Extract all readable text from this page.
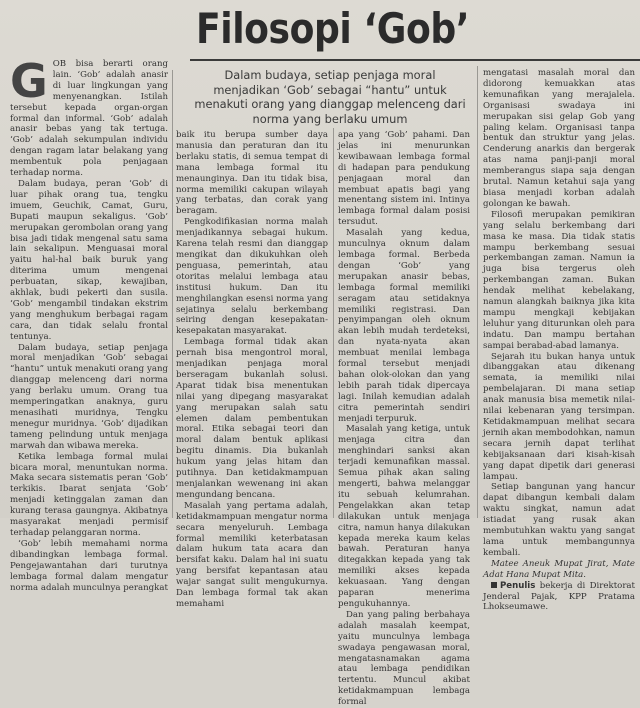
Filosopi ‘Gob’
Dalam budaya, setiap penjaga moral menjadikan ‘Gob’ sebagai “hantu” untuk menakuti orang yang dianggap melenceng dari norma yang berlaku umum

GOB bisa berarti orang lain. ‘Gob’ adalah anasir di luar lingkungan yang menyenangkan. Istilah tersebut kepada organ-organ formal dan informal. ‘Gob’ adalah anasir bebas yang tak tertuga. ‘Gob’ adalah sekumpulan individu dengan ragam latar belakang yang membentuk pola penjagaan terhadap norma.

Dalam budaya, peran ‘Gob’ di luar pihak orang tua, tengku imuem, Geuchik, Camat, Guru, Bupati maupun sekaligus. ‘Gob’ merupakan gerombolan orang yang bisa jadi tidak mengenal satu sama lain sekalipun. Menguasai moral yaitu hal-hal baik buruk yang diterima umum mengenai perbuatan, sikap, kewajiban, akhlak, budi pekerti dan susila. ‘Gob’ mengambil tindakan ekstrim yang menghukum berbagai ragam cara, dan tidak selalu frontal tentunya.

Dalam budaya, setiap penjaga moral menjadikan ‘Gob’ sebagai “hantu” untuk menakuti orang yang dianggap melenceng dari norma yang berlaku umum. Orang tua memperingatkan anaknya, guru menasihati muridnya, Tengku menegur muridnya. ‘Gob’ dijadikan tameng pelindung untuk menjaga marwah dan wibawa mereka.

Ketika lembaga formal mulai bicara moral, menuntukan norma. Maka secara sistematis peran ‘Gob’ terkikis. Ibarat senjata ‘Gob’ menjadi ketinggalan zaman dan kurang terasa gaungnya. Akibatnya masyarakat menjadi permisif terhadap pelanggaran norma.

‘Gob’ lebih memahami norma dibandingkan lembaga formal. Pengejawantahan dari turutnya lembaga formal dalam mengatur norma adalah munculnya perangkat

baik itu berupa sumber daya manusia dan peraturan dan itu berlaku statis, di semua tempat di mana lembaga formal itu menaunginya. Dan itu tidak bisa, norma memiliki cakupan wilayah yang terbatas, dan corak yang beragam.

Pengkodifikasian norma malah menjadikannya sebagai hukum. Karena telah resmi dan dianggap mengikat dan dikukuhkan oleh penguasa, pemerintah, atau otoritas melalui lembaga atau institusi hukum. Dan itu menghilangkan esensi norma yang sejatinya selalu berkembang seiring dengan kesepakatan-kesepakatan masyarakat.

Lembaga formal tidak akan pernah bisa mengontrol moral, menjadikan penjaga moral berseragam bukanlah solusi. Aparat tidak bisa menentukan nilai yang dipegang masyarakat yang merupakan salah satu elemen dalam pembentukan moral. Etika sebagai teori dan moral dalam bentuk aplikasi begitu dinamis. Dia bukanlah hukum yang jelas hitam dan putihnya. Dan ketidakmampuan menjalankan wewenang ini akan mengundang bencana.

Masalah yang pertama adalah, ketidakmampuan mengatur norma secara menyeluruh. Lembaga formal memiliki keterbatasan dalam hukum tata acara dan bersifat kaku. Dalam hal ini suatu yang bersifat kepantasan atau wajar sangat sulit mengukurnya. Dan lembaga formal tak akan memahami

apa yang ‘Gob’ pahami. Dan jelas ini menurunkan kewibawaan lembaga formal di hadapan para pendukung penjagaan moral dan membuat apatis bagi yang menentang sistem ini. Intinya lembaga formal dalam posisi tersudut.

Masalah yang kedua, munculnya oknum dalam lembaga formal. Berbeda dengan ‘Gob’ yang merupakan anasir bebas, lembaga formal memiliki seragam atau setidaknya memiliki registrasi. Dan penyimpangan oleh oknum akan lebih mudah terdeteksi, dan nyata-nyata akan membuat menilai lembaga formal tersebut menjadi bahan olok-olokan dan yang lebih parah tidak dipercaya lagi. Inilah kemudian adalah citra pemerintah sendiri menjadi terpuruk.

Masalah yang ketiga, untuk menjaga citra dan menghindari sanksi akan terjadi kemunafikan massal. Semua pihak akan saling mengerti, bahwa melanggar itu sebuah kelumrahan. Pengelakkan akan tetap dilakukan untuk menjaga citra, namun hanya dilakukan kepada mereka kaum kelas bawah. Peraturan hanya ditegakkan kepada yang tak memiliki akses kepada kekuasaan. Yang dengan paparan menerima pengukuhannya.

Dan yang paling berbahaya adalah masalah keempat, yaitu munculnya lembaga swadaya pengawasan moral, mengatasnamakan agama atau lembaga pendidikan tertentu. Muncul akibat ketidakmampuan lembaga formal

mengatasi masalah moral dan didorong kemuakkan atas kemunafikan yang merajalela. Organisasi swadaya ini merupakan sisi gelap Gob yang paling kelam. Organisasi tanpa bentuk dan struktur yang jelas. Cenderung anarkis dan bergerak atas nama panji-panji moral memberangus siapa saja dengan brutal. Namun ketahui saja yang biasa menjadi korban adalah golongan ke bawah.

Filosofi merupakan pemikiran yang selalu berkembang dari masa ke masa. Dia tidak statis mampu berkembang sesuai perkembangan zaman. Namun ia juga bisa tergerus oleh perkembangan zaman. Bukan hendak melihat kebelakang, namun alangkah baiknya jika kita mampu mengkaji kebijakan leluhur yang diturunkan oleh para indatu. Dan mampu bertahan sampai berabad-abad lamanya.

Sejarah itu bukan hanya untuk dibanggakan atau dikenang semata, ia memiliki nilai pembelajaran. Di mana setiap anak manusia bisa memetik nilai-nilai kebenaran yang tersimpan. Ketidakmampuan melihat secara jernih akan membodohkan, namun secara jernih dapat terlihat kebijaksanaan dari kisah-kisah yang dapat dipetik dari generasi lampau.

Setiap bangunan yang hancur dapat dibangun kembali dalam waktu singkat, namun adat istiadat yang rusak akan membutuhkan waktu yang sangat lama untuk membangunnya kembali.

Matee Aneuk Mupat Jirat, Mate Adat Hana Mupat Mita.

Penulis bekerja di Direktorat Jenderal Pajak, KPP Pratama Lhokseumawe.
